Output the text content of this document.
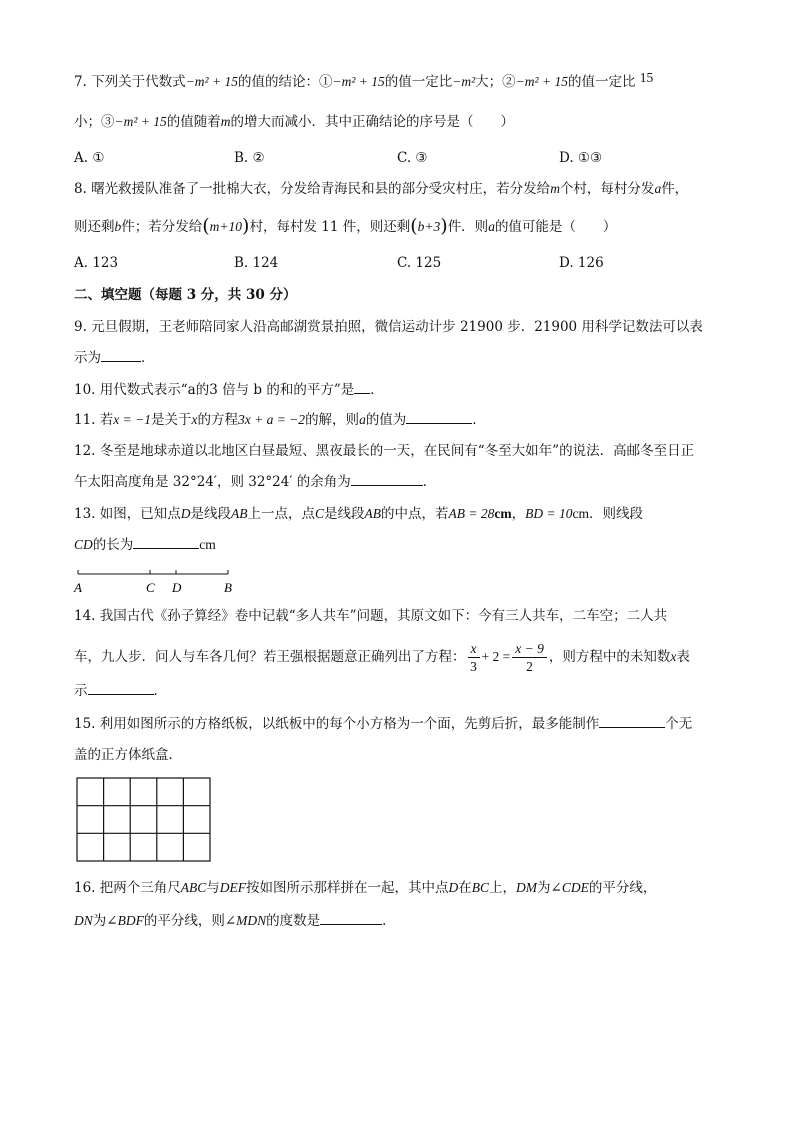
7. 下列关于代数式−m² + 15的值的结论：①−m² + 15的值一定比−m²大；②−m² + 15的值一定比 15
小；③−m² + 15的值随着m的增大而减小．其中正确结论的序号是（　　）
A. ①	B. ②	C. ③	D. ①③
8. 曙光救援队准备了一批棉大衣，分发给青海民和县的部分受灾村庄，若分发给m个村，每村分发a件，
则还剩b件；若分发给(m+10)村，每村发 11 件，则还剩(b+3)件．则a的值可能是（　　）
A. 123	B. 124	C. 125	D. 126
二、填空题（每题 3 分，共 30 分）
9. 元旦假期，王老师陪同家人沿高邮湖赏景拍照，微信运动计步 21900 步．21900 用科学记数法可以表
示为	．
10. 用代数式表示“a的3 倍与 b 的和的平方”是 ．
11. 若x = −1是关于x的方程3x + a = −2的解，则a的值为	．
12. 冬至是地球赤道以北地区白昼最短、黑夜最长的一天，在民间有“冬至大如年”的说法．高邮冬至日正
午太阳高度角是 32°24′，则 32°24′ 的余角为	．
13. 如图，已知点D是线段AB上一点，点C是线段AB的中点，若AB = 28cm，BD = 10cm．则线段
CD的长为	cm
A	C D	B
14. 我国古代《孙子算经》卷中记载“多人共车”问题，其原文如下：今有三人共车，二车空；二人共
车，九人步．问人与车各几何？若王强根据题意正确列出了方程： $\frac{x}{3} + 2 = \frac{x - 9}{2}$ ，则方程中的未知数x表
示	．
15. 利用如图所示的方格纸板，以纸板中的每个小方格为一个面，先剪后折，最多能制作	个无
盖的正方体纸盒．
16. 把两个三角尺ABC与DEF按如图所示那样拼在一起，其中点D在BC上，DM为∠CDE的平分线，
DN为∠BDF的平分线，则∠MDN的度数是	．
